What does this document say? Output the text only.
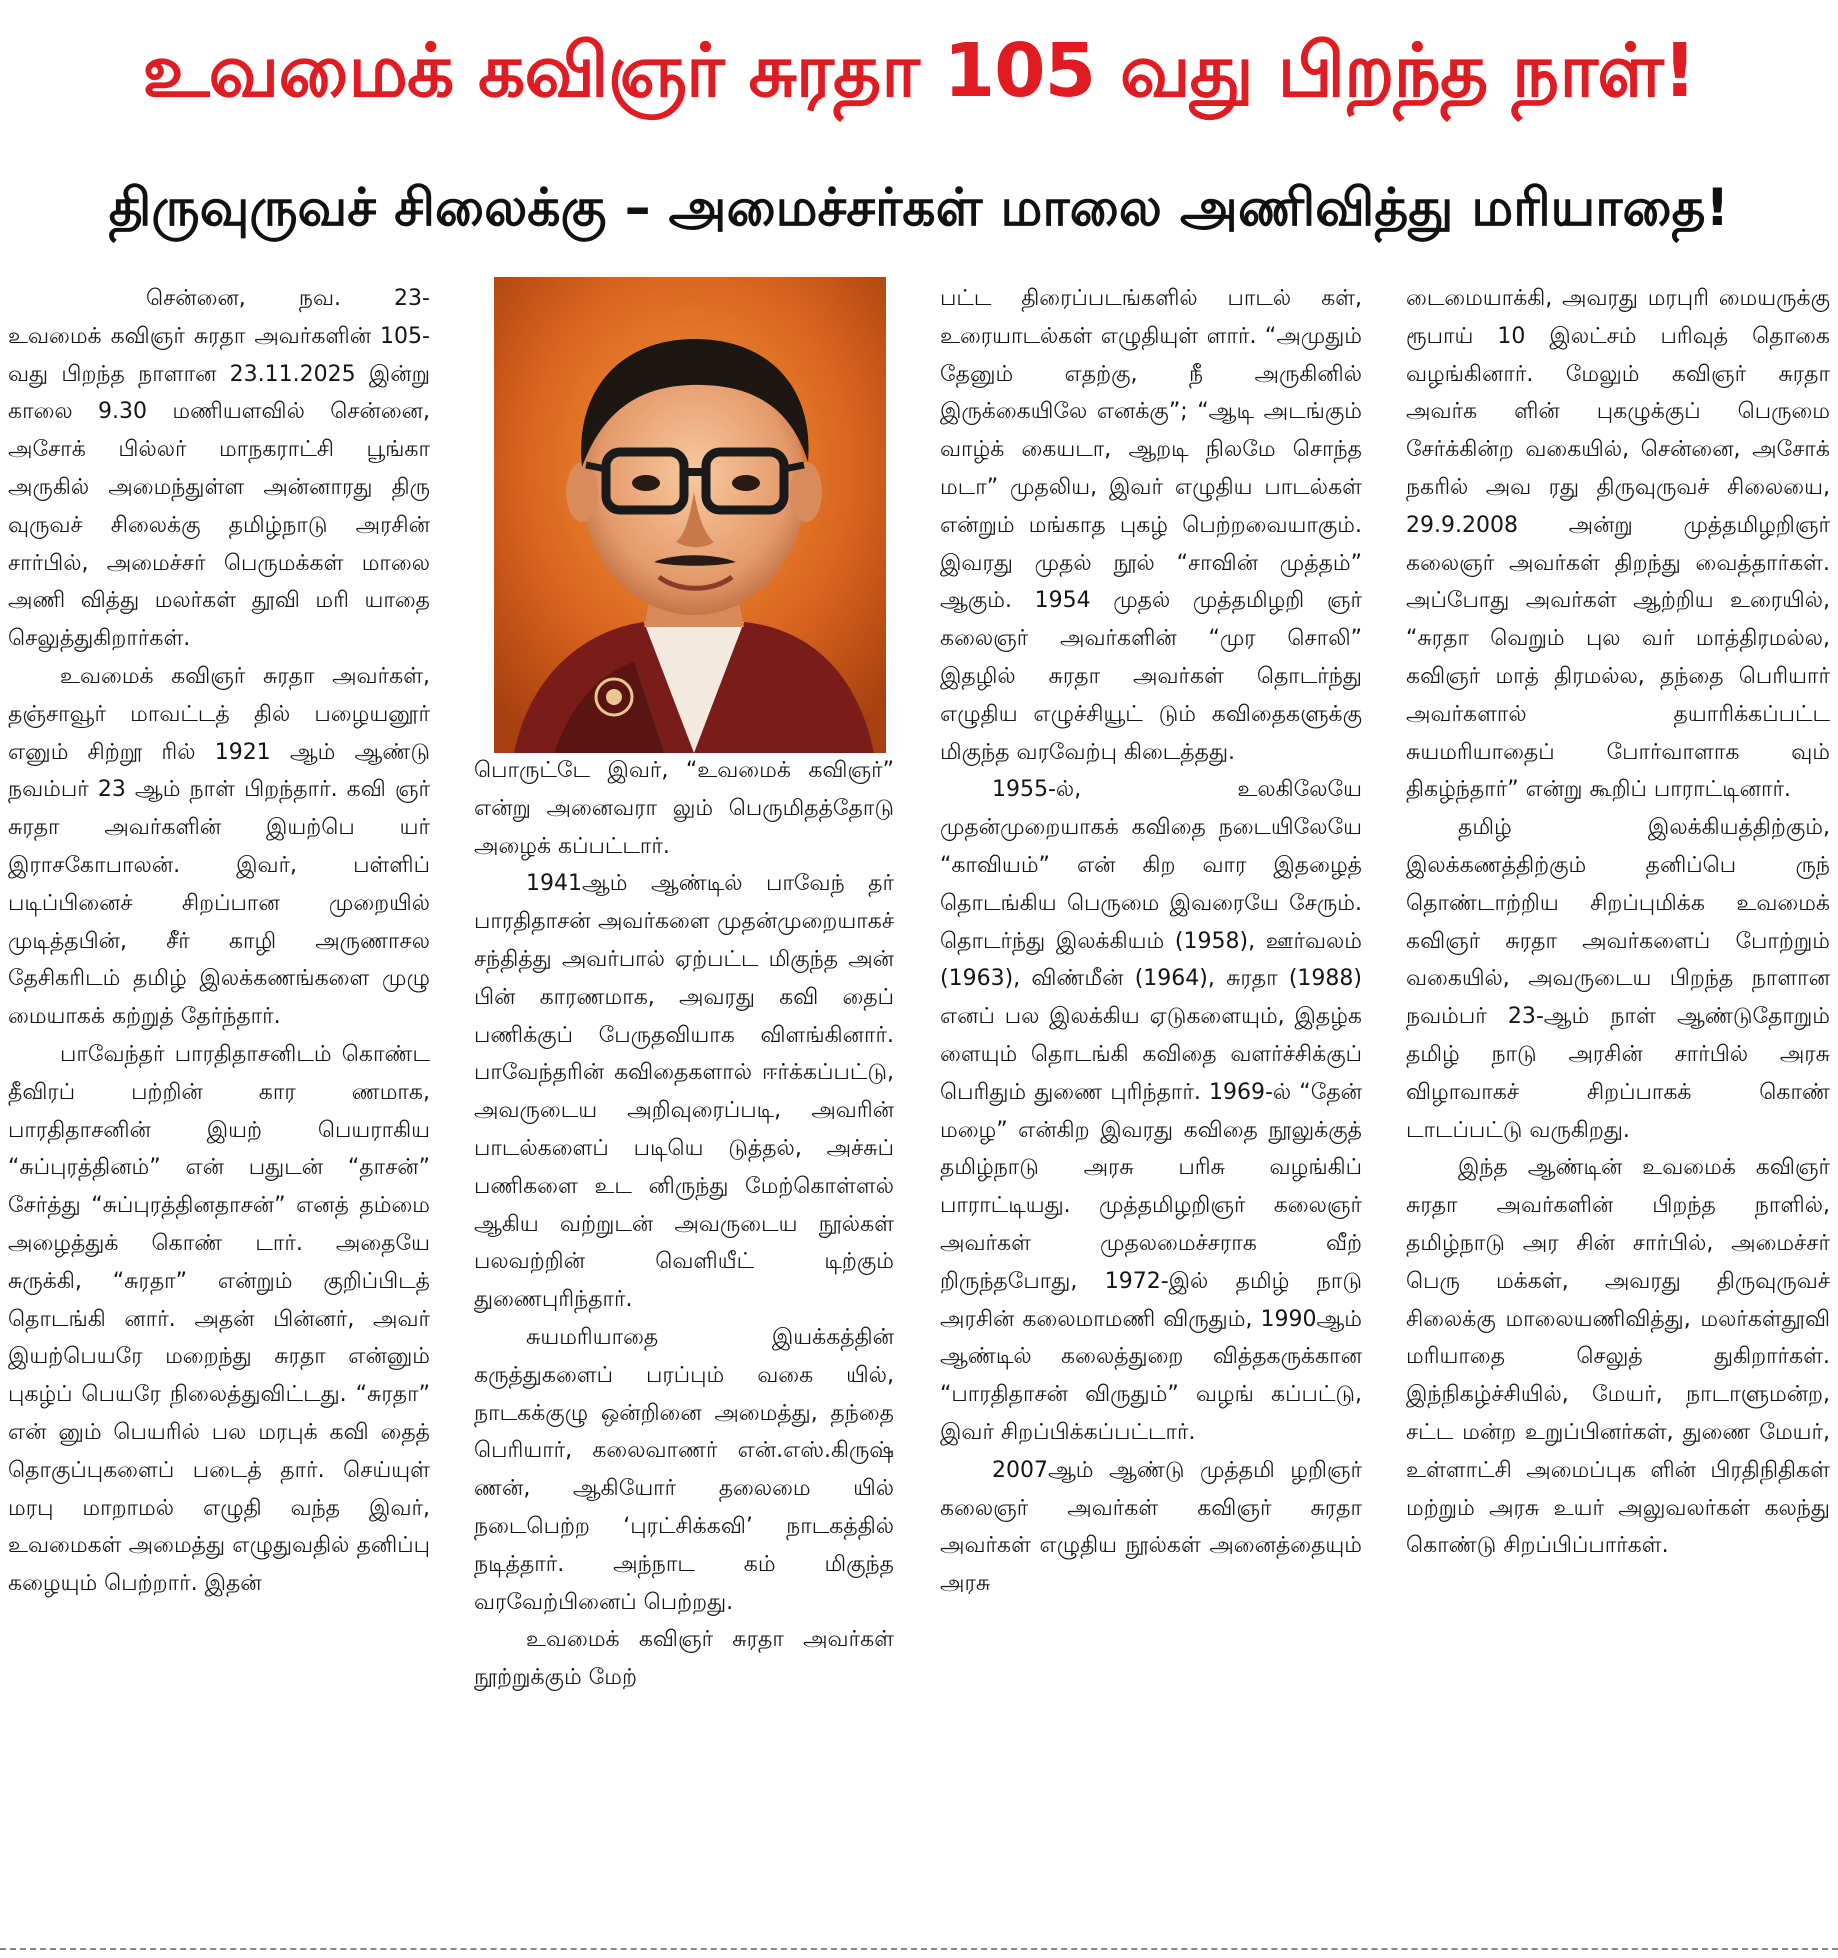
உவமைக் கவிஞர் சுரதா 105 வது பிறந்த நாள்!
திருவுருவச் சிலைக்கு – அமைச்சர்கள் மாலை அணிவித்து மரியாதை!

சென்னை, நவ. 23- உவமைக் கவிஞர் சுரதா அவர்களின் 105-வது பிறந்த நாளான 23.11.2025 இன்று காலை 9.30 மணியளவில் சென்னை, அசோக் பில்லர் மாநகராட்சி பூங்கா அருகில் அமைந்துள்ள அன்னாரது திரு வுருவச் சிலைக்கு தமிழ்நாடு அரசின் சார்பில், அமைச்சர் பெருமக்கள் மாலை அணி வித்து மலர்கள் தூவி மரி யாதை செலுத்துகிறார்கள்.

உவமைக் கவிஞர் சுரதா அவர்கள், தஞ்சாவூர் மாவட்டத் தில் பழையனூர் எனும் சிற்றூ ரில் 1921 ஆம் ஆண்டு நவம்பர் 23 ஆம் நாள் பிறந்தார். கவி ஞர் சுரதா அவர்களின் இயற்பெ யர் இராசகோபாலன். இவர், பள்ளிப் படிப்பினைச் சிறப்பான முறையில் முடித்தபின், சீர் காழி அருணாசல தேசிகரிடம் தமிழ் இலக்கணங்களை முழு மையாகக் கற்றுத் தேர்ந்தார்.

பாவேந்தர் பாரதிதாசனிடம் கொண்ட தீவிரப் பற்றின் கார ணமாக, பாரதிதாசனின் இயற் பெயராகிய “சுப்புரத்தினம்” என் பதுடன் “தாசன்” சேர்த்து “சுப்புரத்தினதாசன்” எனத் தம்மை அழைத்துக் கொண் டார். அதையே சுருக்கி, “சுரதா” என்றும் குறிப்பிடத் தொடங்கி னார். அதன் பின்னர், அவர் இயற்பெயரே மறைந்து சுரதா என்னும் புகழ்ப் பெயரே நிலைத்துவிட்டது. “சுரதா” என் னும் பெயரில் பல மரபுக் கவி தைத் தொகுப்புகளைப் படைத் தார். செய்யுள் மரபு மாறாமல் எழுதி வந்த இவர், உவமைகள் அமைத்து எழுதுவதில் தனிப்பு கழையும் பெற்றார். இதன்

பொருட்டே இவர், “உவமைக் கவிஞர்” என்று அனைவரா லும் பெருமிதத்தோடு அழைக் கப்பட்டார்.

1941ஆம் ஆண்டில் பாவேந் தர் பாரதிதாசன் அவர்களை முதன்முறையாகச் சந்தித்து அவர்பால் ஏற்பட்ட மிகுந்த அன் பின் காரணமாக, அவரது கவி தைப் பணிக்குப் பேருதவியாக விளங்கினார். பாவேந்தரின் கவிதைகளால் ஈர்க்கப்பட்டு, அவருடைய அறிவுரைப்படி, அவரின் பாடல்களைப் படியெ டுத்தல், அச்சுப் பணிகளை உட னிருந்து மேற்கொள்ளல் ஆகிய வற்றுடன் அவருடைய நூல்கள் பலவற்றின் வெளியீட் டிற்கும் துணைபுரிந்தார்.

சுயமரியாதை இயக்கத்தின் கருத்துகளைப் பரப்பும் வகை யில், நாடகக்குழு ஒன்றினை அமைத்து, தந்தை பெரியார், கலைவாணர் என்.எஸ்.கிருஷ் ணன், ஆகியோர் தலைமை யில் நடைபெற்ற ‘புரட்சிக்கவி’ நாடகத்தில் நடித்தார். அந்நாட கம் மிகுந்த வரவேற்பினைப் பெற்றது.

உவமைக் கவிஞர் சுரதா அவர்கள் நூற்றுக்கும் மேற்

பட்ட திரைப்படங்களில் பாடல் கள், உரையாடல்கள் எழுதியுள் ளார். “அமுதும் தேனும் எதற்கு, நீ அருகினில் இருக்கையிலே எனக்கு”; “ஆடி அடங்கும் வாழ்க் கையடா, ஆறடி நிலமே சொந்த மடா” முதலிய, இவர் எழுதிய பாடல்கள் என்றும் மங்காத புகழ் பெற்றவையாகும். இவரது முதல் நூல் “சாவின் முத்தம்” ஆகும். 1954 முதல் முத்தமிழறி ஞர் கலைஞர் அவர்களின் “முர சொலி” இதழில் சுரதா அவர்கள் தொடர்ந்து எழுதிய எழுச்சியூட் டும் கவிதைகளுக்கு மிகுந்த வரவேற்பு கிடைத்தது.

1955-ல், உலகிலேயே முதன்முறையாகக் கவிதை நடையிலேயே “காவியம்” என் கிற வார இதழைத் தொடங்கிய பெருமை இவரையே சேரும். தொடர்ந்து இலக்கியம் (1958), ஊர்வலம் (1963), விண்மீன் (1964), சுரதா (1988) எனப் பல இலக்கிய ஏடுகளையும், இதழ்க ளையும் தொடங்கி கவிதை வளர்ச்சிக்குப் பெரிதும் துணை புரிந்தார். 1969-ல் “தேன் மழை” என்கிற இவரது கவிதை நூலுக்குத் தமிழ்நாடு அரசு பரிசு வழங்கிப் பாராட்டியது. முத்தமிழறிஞர் கலைஞர் அவர்கள் முதலமைச்சராக வீற் றிருந்தபோது, 1972-இல் தமிழ் நாடு அரசின் கலைமாமணி விருதும், 1990ஆம் ஆண்டில் கலைத்துறை வித்தகருக்கான “பாரதிதாசன் விருதும்” வழங் கப்பட்டு, இவர் சிறப்பிக்கப்பட்டார்.

2007ஆம் ஆண்டு முத்தமி ழறிஞர் கலைஞர் அவர்கள் கவிஞர் சுரதா அவர்கள் எழுதிய நூல்கள் அனைத்தையும் அரசு

டைமையாக்கி, அவரது மரபுரி மையருக்கு ரூபாய் 10 இலட்சம் பரிவுத் தொகை வழங்கினார். மேலும் கவிஞர் சுரதா அவர்க ளின் புகழுக்குப் பெருமை சேர்க்கின்ற வகையில், சென்னை, அசோக் நகரில் அவ ரது திருவுருவச் சிலையை, 29.9.2008 அன்று முத்தமிழறிஞர் கலைஞர் அவர்கள் திறந்து வைத்தார்கள். அப்போது அவர்கள் ஆற்றிய உரையில், “சுரதா வெறும் புல வர் மாத்திரமல்ல, கவிஞர் மாத் திரமல்ல, தந்தை பெரியார் அவர்களால் தயாரிக்கப்பட்ட சுயமரியாதைப் போர்வாளாக வும் திகழ்ந்தார்” என்று கூறிப் பாராட்டினார்.

தமிழ் இலக்கியத்திற்கும், இலக்கணத்திற்கும் தனிப்பெ ருந் தொண்டாற்றிய சிறப்புமிக்க உவமைக் கவிஞர் சுரதா அவர்களைப் போற்றும் வகையில், அவருடைய பிறந்த நாளான நவம்பர் 23-ஆம் நாள் ஆண்டுதோறும் தமிழ் நாடு அரசின் சார்பில் அரசு விழாவாகச் சிறப்பாகக் கொண் டாடப்பட்டு வருகிறது.

இந்த ஆண்டின் உவமைக் கவிஞர் சுரதா அவர்களின் பிறந்த நாளில், தமிழ்நாடு அர சின் சார்பில், அமைச்சர் பெரு மக்கள், அவரது திருவுருவச் சிலைக்கு மாலையணிவித்து, மலர்கள்தூவி மரியாதை செலுத் துகிறார்கள். இந்நிகழ்ச்சியில், மேயர், நாடாளுமன்ற, சட்ட மன்ற உறுப்பினர்கள், துணை மேயர், உள்ளாட்சி அமைப்புக ளின் பிரதிநிதிகள் மற்றும் அரசு உயர் அலுவலர்கள் கலந்து கொண்டு சிறப்பிப்பார்கள்.
